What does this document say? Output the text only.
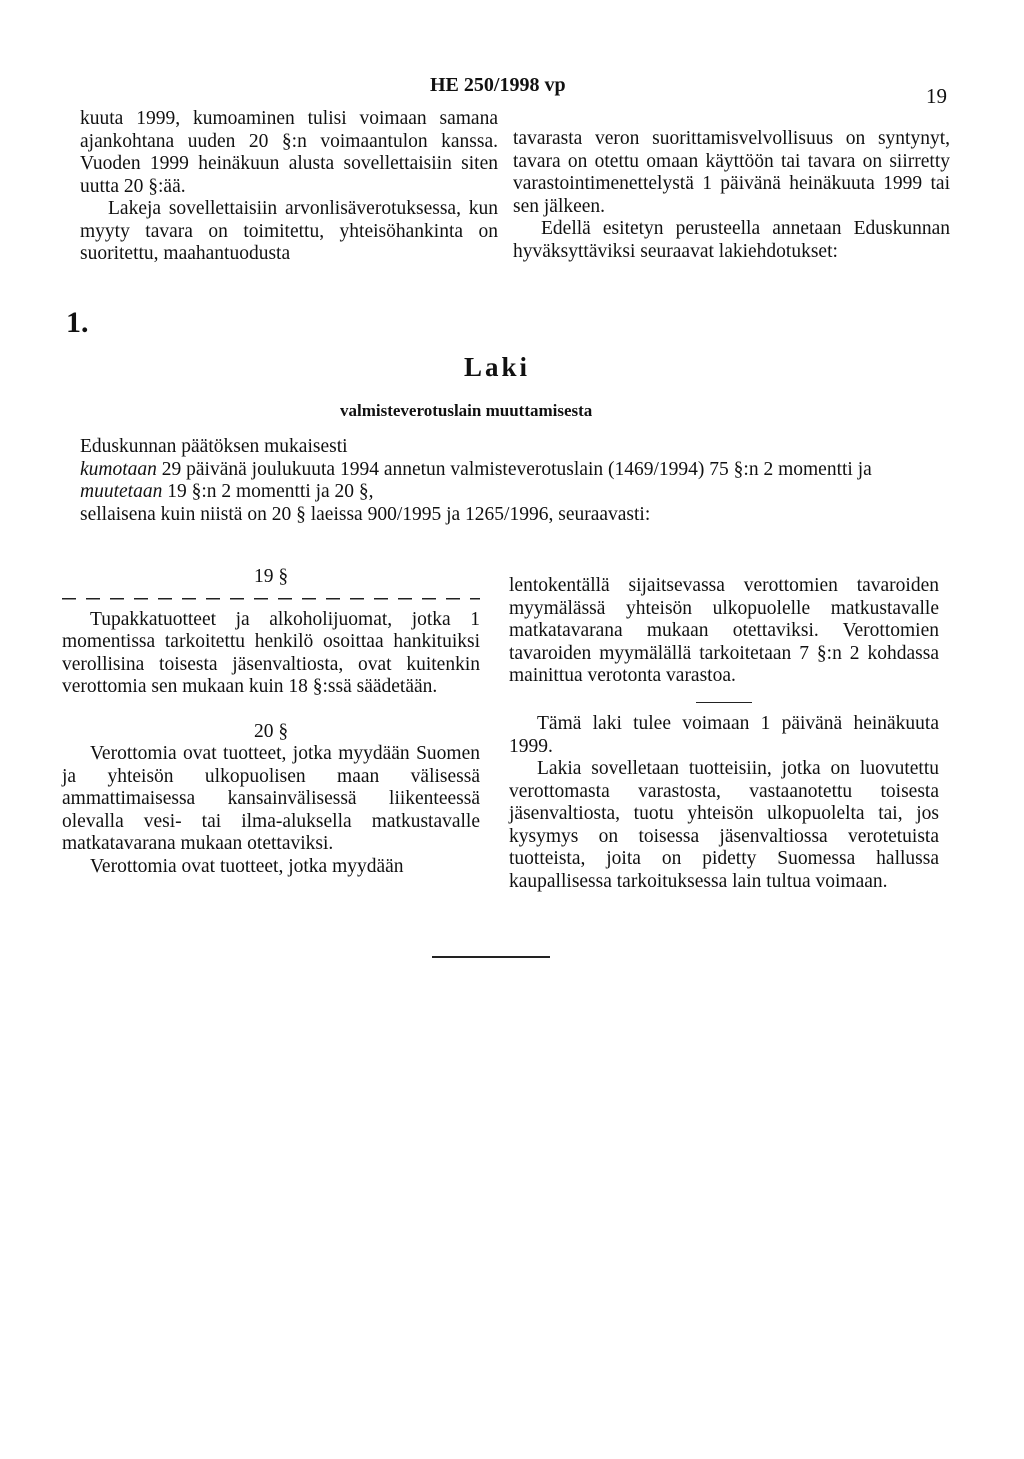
HE 250/1998 vp	19

kuuta 1999, kumoaminen tulisi voimaan samana ajankohtana uuden 20 §:n voimaantulon kanssa. Vuoden 1999 heinäkuun alusta sovellettaisiin siten uutta 20 §:ää.

Lakeja sovellettaisiin arvonlisäverotuksessa, kun myyty tavara on toimitettu, yhteisöhankinta on suoritettu, maahantuodusta

tavarasta veron suorittamisvelvollisuus on syntynyt, tavara on otettu omaan käyttöön tai tavara on siirretty varastointimenettelystä 1 päivänä heinäkuuta 1999 tai sen jälkeen.

Edellä esitetyn perusteella annetaan Eduskunnan hyväksyttäviksi seuraavat lakiehdotukset:

1.
Laki
valmisteverotuslain muuttamisesta

Eduskunnan päätöksen mukaisesti

kumotaan 29 päivänä joulukuuta 1994 annetun valmisteverotuslain (1469/1994) 75 §:n 2 momentti ja

muutetaan 19 §:n 2 momentti ja 20 §,

sellaisena kuin niistä on 20 § laeissa 900/1995 ja 1265/1996, seuraavasti:

19 §

Tupakkatuotteet ja alkoholijuomat, jotka 1 momentissa tarkoitettu henkilö osoittaa hankituiksi verollisina toisesta jäsenvaltiosta, ovat kuitenkin verottomia sen mukaan kuin 18 §:ssä säädetään.

20 §

Verottomia ovat tuotteet, jotka myydään Suomen ja yhteisön ulkopuolisen maan välisessä ammattimaisessa kansainvälisessä liikenteessä olevalla vesi- tai ilma-aluksella matkustavalle matkatavarana mukaan otettaviksi.

Verottomia ovat tuotteet, jotka myydään

lentokentällä sijaitsevassa verottomien tavaroiden myymälässä yhteisön ulkopuolelle matkustavalle matkatavarana mukaan otettaviksi. Verottomien tavaroiden myymälällä tarkoitetaan 7 §:n 2 kohdassa mainittua verotonta varastoa.

Tämä laki tulee voimaan 1 päivänä heinäkuuta 1999.

Lakia sovelletaan tuotteisiin, jotka on luovutettu verottomasta varastosta, vastaanotettu toisesta jäsenvaltiosta, tuotu yhteisön ulkopuolelta tai, jos kysymys on toisessa jäsenvaltiossa verotetuista tuotteista, joita on pidetty Suomessa hallussa kaupallisessa tarkoituksessa lain tultua voimaan.
